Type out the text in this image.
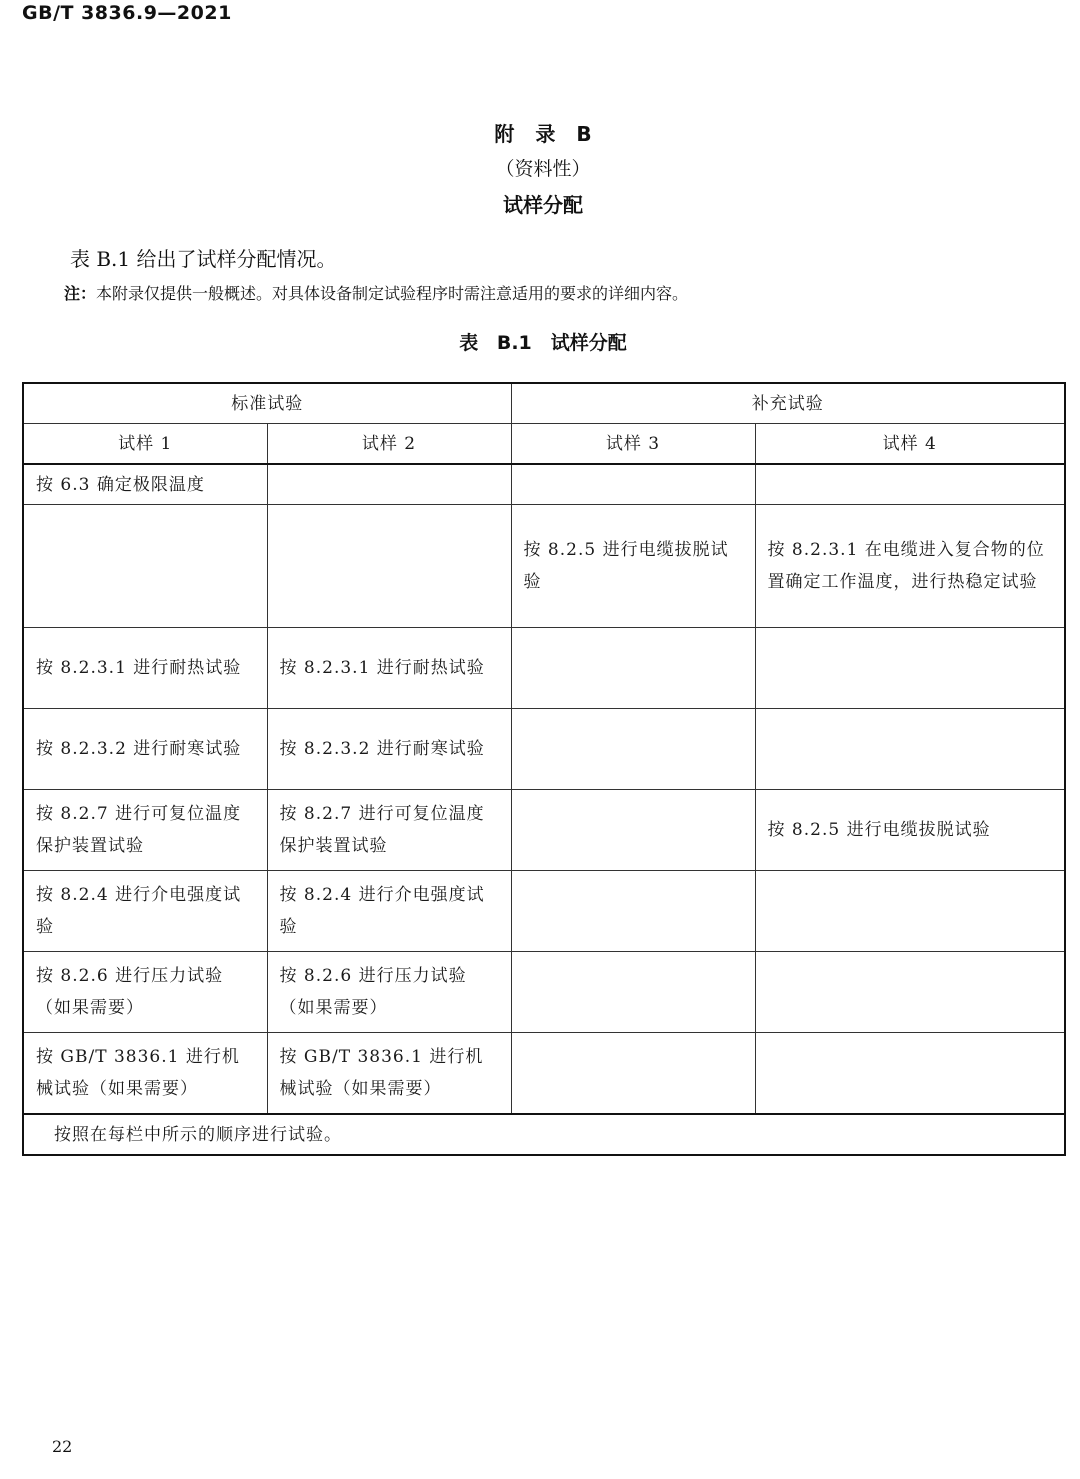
GB/T 3836.9—2021
附 录 B
（资料性）
试样分配
表 B.1 给出了试样分配情况。
注：本附录仅提供一般概述。对具体设备制定试验程序时需注意适用的要求的详细内容。
表 B.1　试样分配
标准试验		补充试验	
试样 1	试样 2	试样 3	试样 4
按 6.3 确定极限温度			
		按 8.2.5 进行电缆拔脱试验	按 8.2.3.1 在电缆进入复合物的位置确定工作温度，进行热稳定试验
按 8.2.3.1 进行耐热试验	按 8.2.3.1 进行耐热试验		
按 8.2.3.2 进行耐寒试验	按 8.2.3.2 进行耐寒试验		
按 8.2.7 进行可复位温度保护装置试验	按 8.2.7 进行可复位温度保护装置试验		按 8.2.5 进行电缆拔脱试验
按 8.2.4 进行介电强度试验	按 8.2.4 进行介电强度试验		
按 8.2.6 进行压力试验（如果需要）	按 8.2.6 进行压力试验（如果需要）		
按 GB/T 3836.1 进行机械试验（如果需要）	按 GB/T 3836.1 进行机械试验（如果需要）		
按照在每栏中所示的顺序进行试验。			
22
